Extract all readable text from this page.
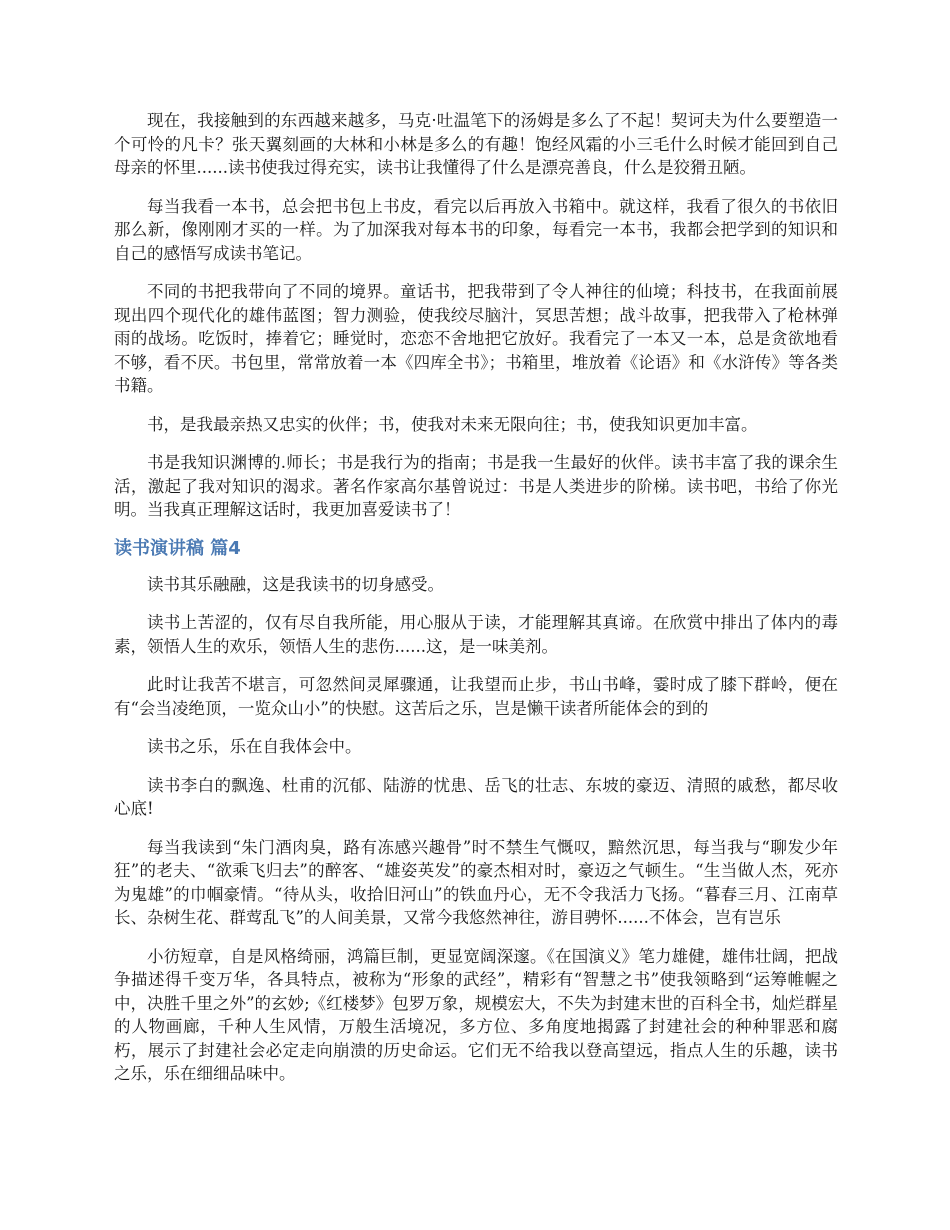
现在，我接触到的东西越来越多，马克·吐温笔下的汤姆是多么了不起！契诃夫为什么要塑造一个可怜的凡卡？张天翼刻画的大林和小林是多么的有趣！饱经风霜的小三毛什么时候才能回到自己母亲的怀里......读书使我过得充实，读书让我懂得了什么是漂亮善良，什么是狡猾丑陋。

每当我看一本书，总会把书包上书皮，看完以后再放入书箱中。就这样，我看了很久的书依旧那么新，像刚刚才买的一样。为了加深我对每本书的印象，每看完一本书，我都会把学到的知识和自己的感悟写成读书笔记。

不同的书把我带向了不同的境界。童话书，把我带到了令人神往的仙境；科技书，在我面前展现出四个现代化的雄伟蓝图；智力测验，使我绞尽脑汁，冥思苦想；战斗故事，把我带入了枪林弹雨的战场。吃饭时，捧着它；睡觉时，恋恋不舍地把它放好。我看完了一本又一本，总是贪欲地看不够，看不厌。书包里，常常放着一本《四库全书》；书箱里，堆放着《论语》和《水浒传》等各类书籍。

书，是我最亲热又忠实的伙伴；书，使我对未来无限向往；书，使我知识更加丰富。

书是我知识渊博的.师长；书是我行为的指南；书是我一生最好的伙伴。读书丰富了我的课余生活，激起了我对知识的渴求。著名作家高尔基曾说过：书是人类进步的阶梯。读书吧，书给了你光明。当我真正理解这话时，我更加喜爱读书了！

读书演讲稿 篇4

读书其乐融融，这是我读书的切身感受。

读书上苦涩的，仅有尽自我所能，用心服从于读，才能理解其真谛。在欣赏中排出了体内的毒素，领悟人生的欢乐，领悟人生的悲伤......这，是一味美剂。

此时让我苦不堪言，可忽然间灵犀骤通，让我望而止步，书山书峰，霎时成了膝下群岭，便在有“会当凌绝顶，一览众山小”的快慰。这苦后之乐，岂是懒干读者所能体会的到的

读书之乐，乐在自我体会中。

读书李白的飘逸、杜甫的沉郁、陆游的忧患、岳飞的壮志、东坡的豪迈、清照的戚愁，都尽收心底!

每当我读到“朱门酒肉臭，路有冻感兴趣骨”时不禁生气慨叹，黯然沉思，每当我与“聊发少年狂”的老夫、“欲乘飞归去”的醉客、“雄姿英发”的豪杰相对时，豪迈之气顿生。“生当做人杰，死亦为鬼雄”的巾帼豪情。“待从头，收拾旧河山”的铁血丹心，无不令我活力飞扬。“暮春三月、江南草长、杂树生花、群莺乱飞”的人间美景，又常今我悠然神往，游目骋怀......不体会，岂有岂乐

小彷短章，自是风格绮丽，鸿篇巨制，更显宽阔深邃。《在国演义》笔力雄健，雄伟壮阔，把战争描述得千变万华，各具特点，被称为“形象的武经”，精彩有“智慧之书”使我领略到“运筹帷幄之中，决胜千里之外”的玄妙;《红楼梦》包罗万象，规模宏大，不失为封建末世的百科全书，灿烂群星的人物画廊，千种人生风情，万般生活境况，多方位、多角度地揭露了封建社会的种种罪恶和腐朽，展示了封建社会必定走向崩溃的历史命运。它们无不给我以登高望远，指点人生的乐趣，读书之乐，乐在细细品味中。
